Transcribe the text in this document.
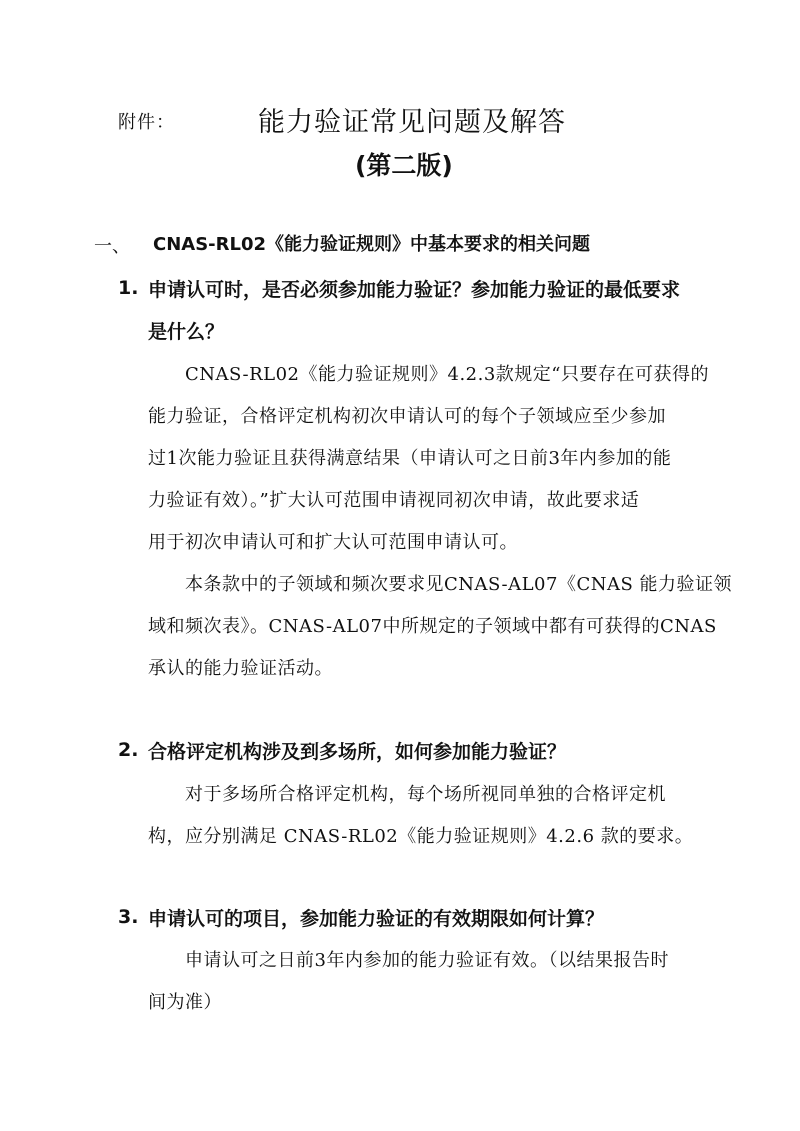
附件：	能力验证常见问题及解答
(第二版)
一、 CNAS-RL02《能力验证规则》中基本要求的相关问题
1. 申请认可时，是否必须参加能力验证？参加能力验证的最低要求
是什么？
CNAS-RL02《能力验证规则》4.2.3款规定“只要存在可获得的
能力验证，合格评定机构初次申请认可的每个子领域应至少参加
过1次能力验证且获得满意结果（申请认可之日前3年内参加的能
力验证有效）。”扩大认可范围申请视同初次申请，故此要求适
用于初次申请认可和扩大认可范围申请认可。
本条款中的子领域和频次要求见CNAS-AL07《CNAS 能力验证领
域和频次表》。CNAS-AL07中所规定的子领域中都有可获得的CNAS
承认的能力验证活动。
2. 合格评定机构涉及到多场所，如何参加能力验证？
对于多场所合格评定机构，每个场所视同单独的合格评定机
构，应分别满足 CNAS-RL02《能力验证规则》4.2.6 款的要求。
3. 申请认可的项目，参加能力验证的有效期限如何计算？
申请认可之日前3年内参加的能力验证有效。（以结果报告时
间为准）
